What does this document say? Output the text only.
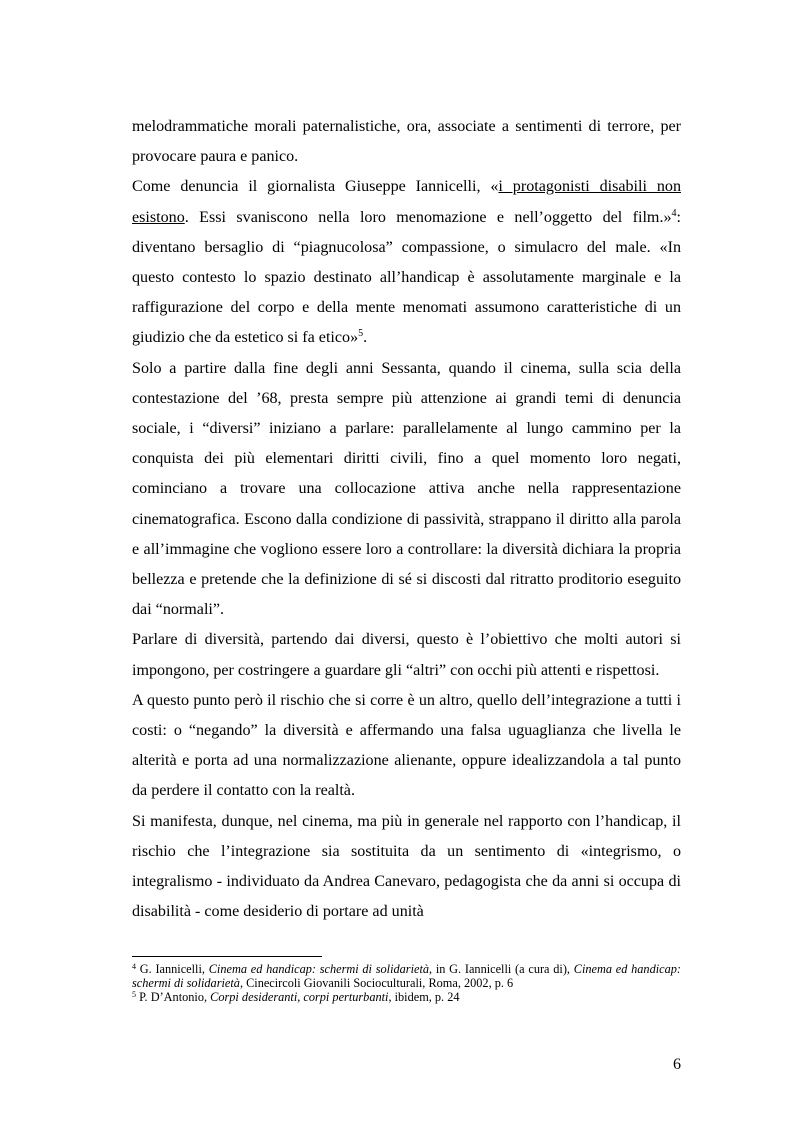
melodrammatiche morali paternalistiche, ora, associate a sentimenti di terrore, per provocare paura e panico.

Come denuncia il giornalista Giuseppe Iannicelli, «i protagonisti disabili non esistono. Essi svaniscono nella loro menomazione e nell’oggetto del film.»$^4$: diventano bersaglio di “piagnucolosa” compassione, o simulacro del male. «In questo contesto lo spazio destinato all’handicap è assolutamente marginale e la raffigurazione del corpo e della mente menomati assumono caratteristiche di un giudizio che da estetico si fa etico»$^5$.

Solo a partire dalla fine degli anni Sessanta, quando il cinema, sulla scia della contestazione del ’68, presta sempre più attenzione ai grandi temi di denuncia sociale, i “diversi” iniziano a parlare: parallelamente al lungo cammino per la conquista dei più elementari diritti civili, fino a quel momento loro negati, cominciano a trovare una collocazione attiva anche nella rappresentazione cinematografica. Escono dalla condizione di passività, strappano il diritto alla parola e all’immagine che vogliono essere loro a controllare: la diversità dichiara la propria bellezza e pretende che la definizione di sé si discosti dal ritratto proditorio eseguito dai “normali”.

Parlare di diversità, partendo dai diversi, questo è l’obiettivo che molti autori si impongono, per costringere a guardare gli “altri” con occhi più attenti e rispettosi.

A questo punto però il rischio che si corre è un altro, quello dell’integrazione a tutti i costi: o “negando” la diversità e affermando una falsa uguaglianza che livella le alterità e porta ad una normalizzazione alienante, oppure idealizzandola a tal punto da perdere il contatto con la realtà.

Si manifesta, dunque, nel cinema, ma più in generale nel rapporto con l’handicap, il rischio che l’integrazione sia sostituita da un sentimento di «integrismo, o integralismo - individuato da Andrea Canevaro, pedagogista che da anni si occupa di disabilità - come desiderio di portare ad unità

$^4$ G. Iannicelli, Cinema ed handicap: schermi di solidarietà, in G. Iannicelli (a cura di), Cinema ed handicap: schermi di solidarietà, Cinecircoli Giovanili Socioculturali, Roma, 2002, p. 6

$^5$ P. D’Antonio, Corpi desideranti, corpi perturbanti, ibidem, p. 24

6
